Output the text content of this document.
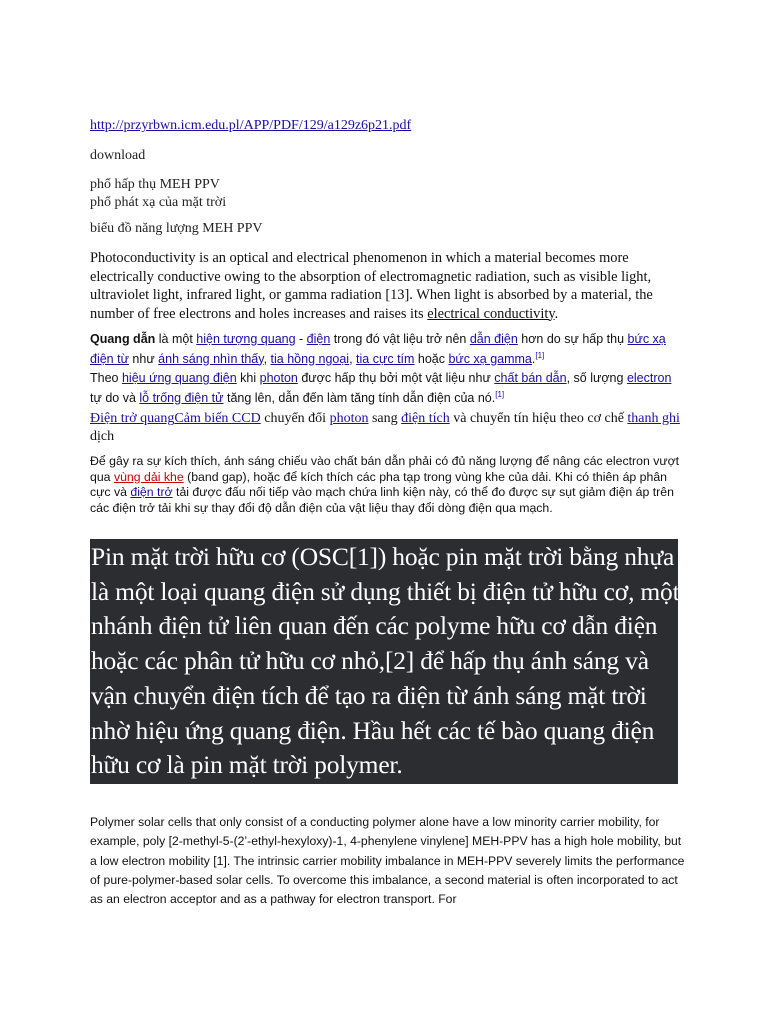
http://przyrbwn.icm.edu.pl/APP/PDF/129/a129z6p21.pdf
download
phổ hấp thụ MEH PPV
phổ phát xạ của mặt trời
biểu đồ năng lượng MEH PPV
Photoconductivity is an optical and electrical phenomenon in which a material becomes more electrically conductive owing to the absorption of electromagnetic radiation, such as visible light, ultraviolet light, infrared light, or gamma radiation [13]. When light is absorbed by a material, the number of free electrons and holes increases and raises its electrical conductivity.
Quang dẫn là một hiện tượng quang - điện trong đó vật liệu trở nên dẫn điện hơn do sự hấp thụ bức xạ điện từ như ánh sáng nhìn thấy, tia hồng ngoại, tia cực tím hoặc bức xạ gamma.[1]
Theo hiệu ứng quang điện khi photon được hấp thụ bởi một vật liệu như chất bán dẫn, số lượng electron tự do và lỗ trống điện tử tăng lên, dẫn đến làm tăng tính dẫn điện của nó.[1]
Điện trở quangCảm biến CCD chuyển đổi photon sang điện tích và chuyển tín hiệu theo cơ chế thanh ghi dịch
Để gây ra sự kích thích, ánh sáng chiếu vào chất bán dẫn phải có đủ năng lượng để nâng các electron vượt qua vùng dải khe (band gap), hoặc để kích thích các pha tạp trong vùng khe của dải. Khi có thiên áp phân cực và điện trở tải được đấu nối tiếp vào mạch chứa linh kiện này, có thể đo được sự sụt giảm điện áp trên các điện trở tải khi sự thay đổi độ dẫn điện của vật liệu thay đổi dòng điện qua mạch.
Pin mặt trời hữu cơ (OSC[1]) hoặc pin mặt trời bằng nhựa là một loại quang điện sử dụng thiết bị điện tử hữu cơ, một nhánh điện tử liên quan đến các polyme hữu cơ dẫn điện hoặc các phân tử hữu cơ nhỏ,[2] để hấp thụ ánh sáng và vận chuyển điện tích để tạo ra điện từ ánh sáng mặt trời nhờ hiệu ứng quang điện. Hầu hết các tế bào quang điện hữu cơ là pin mặt trời polymer.
Polymer solar cells that only consist of a conducting polymer alone have a low minority carrier mobility, for example, poly [2-methyl-5-(2’-ethyl-hexyloxy)-1, 4-phenylene vinylene] MEH-PPV has a high hole mobility, but a low electron mobility [1]. The intrinsic carrier mobility imbalance in MEH-PPV severely limits the performance of pure-polymer-based solar cells. To overcome this imbalance, a second material is often incorporated to act as an electron acceptor and as a pathway for electron transport. For
